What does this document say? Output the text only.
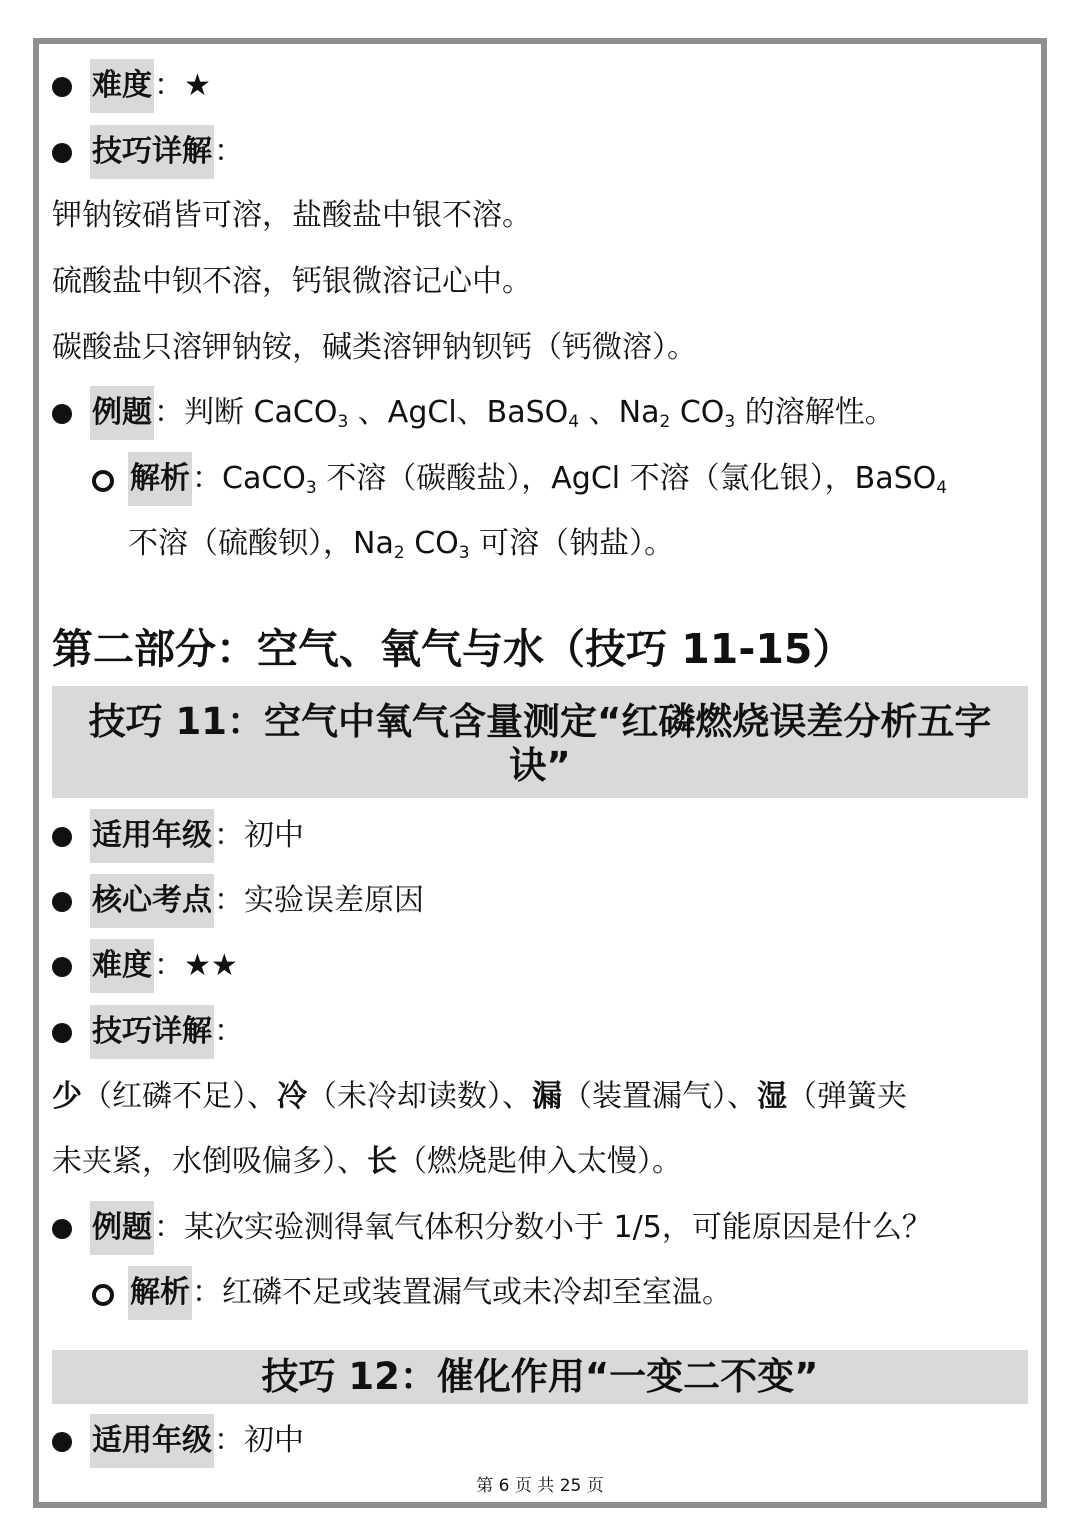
难度：★
技巧详解：
钾钠铵硝皆可溶，盐酸盐中银不溶。
硫酸盐中钡不溶，钙银微溶记心中。
碳酸盐只溶钾钠铵，碱类溶钾钠钡钙（钙微溶）。
例题：判断 CaCO$_3$ 、AgCl、BaSO$_4$ 、$Na_2$ $CO_3$ 的溶解性。
解析：CaCO$_3$ 不溶（碳酸盐），AgCl 不溶（氯化银），BaSO$_4$
不溶（硫酸钡），$Na_2$ $CO_3$ 可溶（钠盐）。
第二部分：空气、氧气与水（技巧 11-15）
技巧 11：空气中氧气含量测定“红磷燃烧误差分析五字
诀”
适用年级：初中
核心考点：实验误差原因
难度：★★
技巧详解：
少（红磷不足）、冷（未冷却读数）、漏（装置漏气）、湿（弹簧夹
未夹紧，水倒吸偏多）、长（燃烧匙伸入太慢）。
例题：某次实验测得氧气体积分数小于 1/5，可能原因是什么？
解析：红磷不足或装置漏气或未冷却至室温。
技巧 12：催化作用“一变二不变”
适用年级：初中
第 6 页 共 25 页
